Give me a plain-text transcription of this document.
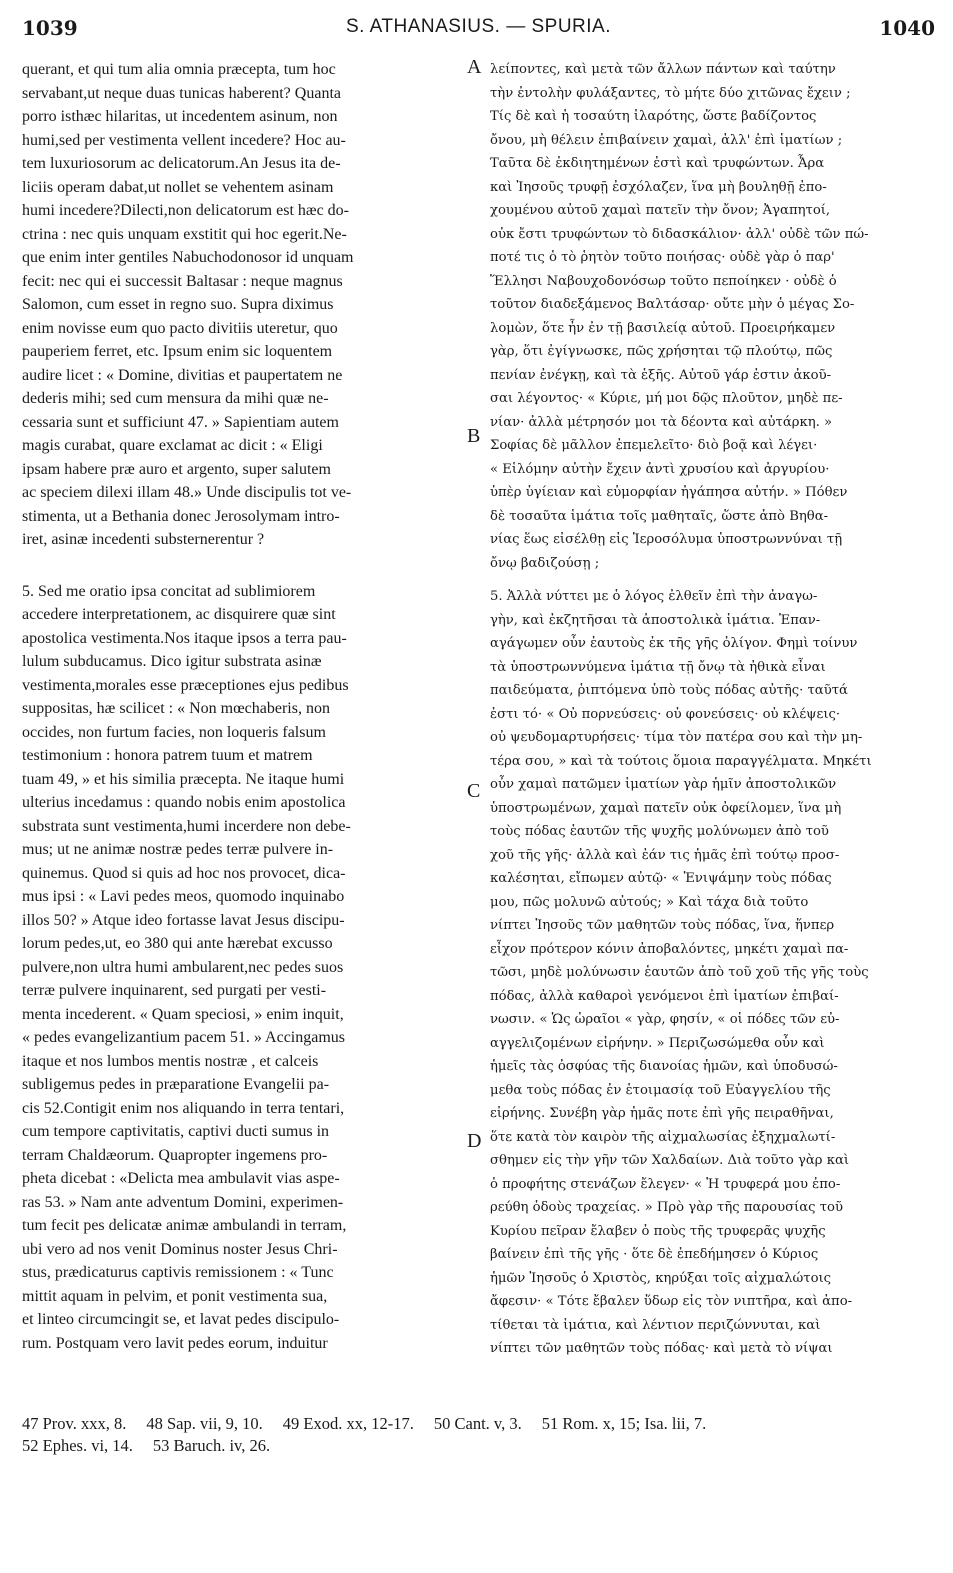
1039	S. ATHANASIUS. — SPURIA.	1040

querant, et qui tum alia omnia præcepta, tum hoc
servabant,ut neque duas tunicas haberent? Quanta
porro isthæc hilaritas, ut incedentem asinum, non
humi,sed per vestimenta vellent incedere? Hoc au-
tem luxuriosorum ac delicatorum.An Jesus ita de-
liciis operam dabat,ut nollet se vehentem asinam
humi incedere?Dilecti,non delicatorum est hæc do-
ctrina : nec quis unquam exstitit qui hoc egerit.Ne-
que enim inter gentiles Nabuchodonosor id unquam
fecit: nec qui ei successit Baltasar : neque magnus
Salomon, cum esset in regno suo. Supra diximus
enim novisse eum quo pacto divitiis uteretur, quo
pauperiem ferret, etc. Ipsum enim sic loquentem
audire licet : « Domine, divitias et paupertatem ne
dederis mihi; sed cum mensura da mihi quæ ne-
cessaria sunt et sufficiunt 47. » Sapientiam autem
magis curabat, quare exclamat ac dicit : « Eligi
ipsam habere præ auro et argento, super salutem
ac speciem dilexi illam 48.» Unde discipulis tot ve-
stimenta, ut a Bethania donec Jerosolymam intro-
iret, asinæ incedenti substernerentur ?

5. Sed me oratio ipsa concitat ad sublimiorem
accedere interpretationem, ac disquirere quæ sint
apostolica vestimenta.Nos itaque ipsos a terra pau-
lulum subducamus. Dico igitur substrata asinæ
vestimenta,morales esse præceptiones ejus pedibus
suppositas, hæ scilicet : « Non mœchaberis, non
occides, non furtum facies, non loqueris falsum
testimonium : honora patrem tuum et matrem
tuam 49, » et his similia præcepta. Ne itaque humi
ulterius incedamus : quando nobis enim apostolica
substrata sunt vestimenta,humi incerdere non debe-
mus; ut ne animæ nostræ pedes terræ pulvere in-
quinemus. Quod si quis ad hoc nos provocet, dica-
mus ipsi : « Lavi pedes meos, quomodo inquinabo
illos 50? » Atque ideo fortasse lavat Jesus discipu-
lorum pedes,ut, eo 380 qui ante hærebat excusso
pulvere,non ultra humi ambularent,nec pedes suos
terræ pulvere inquinarent, sed purgati per vesti-
menta incederent. « Quam speciosi, » enim inquit,
« pedes evangelizantium pacem 51. » Accingamus
itaque et nos lumbos mentis nostræ , et calceis
subligemus pedes in præparatione Evangelii pa-
cis 52.Contigit enim nos aliquando in terra tentari,
cum tempore captivitatis, captivi ducti sumus in
terram Chaldæorum. Quapropter ingemens pro-
pheta dicebat : «Delicta mea ambulavit vias aspe-
ras 53. » Nam ante adventum Domini, experimen-
tum fecit pes delicatæ animæ ambulandi in terram,
ubi vero ad nos venit Dominus noster Jesus Chri-
stus, prædicaturus captivis remissionem : « Tunc
mittit aquam in pelvim, et ponit vestimenta sua,
et linteo circumcingit se, et lavat pedes discipulo-
rum. Postquam vero lavit pedes eorum, induitur

A
B
C
D

λείποντες, καὶ μετὰ τῶν ἄλλων πάντων καὶ ταύτην
τὴν ἐντολὴν φυλάξαντες, τὸ μήτε δύο χιτῶνας ἔχειν ;
Τίς δὲ καὶ ἡ τοσαύτη ἱλαρότης, ὥστε βαδίζοντος
ὄνου, μὴ θέλειν ἐπιβαίνειν χαμαὶ, ἀλλ' ἐπὶ ἱματίων ;
Ταῦτα δὲ ἐκδιητημένων ἐστὶ καὶ τρυφώντων. Ἆρα
καὶ Ἰησοῦς τρυφῇ ἐσχόλαζεν, ἵνα μὴ βουληθῇ ἐπο-
χουμένου αὐτοῦ χαμαὶ πατεῖν τὴν ὄνον; Ἀγαπητοί,
οὐκ ἔστι τρυφώντων τὸ διδασκάλιον· ἀλλ' οὐδὲ τῶν πώ-
ποτέ τις ὁ τὸ ῥητὸν τοῦτο ποιήσας· οὐδὲ γὰρ ὁ παρ'
Ἕλλησι Ναβουχοδονόσωρ τοῦτο πεποίηκεν · οὐδὲ ὁ
τοῦτον διαδεξάμενος Βαλτάσαρ· οὔτε μὴν ὁ μέγας Σο-
λομὼν, ὅτε ἦν ἐν τῇ βασιλείᾳ αὐτοῦ. Προειρήκαμεν
γὰρ, ὅτι ἐγίγνωσκε, πῶς χρήσηται τῷ πλούτῳ, πῶς
πενίαν ἐνέγκῃ, καὶ τὰ ἑξῆς. Αὐτοῦ γάρ ἐστιν ἀκοῦ-
σαι λέγοντος· « Κύριε, μή μοι δῷς πλοῦτον, μηδὲ πε-
νίαν· ἀλλὰ μέτρησόν μοι τὰ δέοντα καὶ αὐτάρκη. »
Σοφίας δὲ μᾶλλον ἐπεμελεῖτο· διὸ βοᾷ καὶ λέγει·
« Εἱλόμην αὐτὴν ἔχειν ἀντὶ χρυσίου καὶ ἀργυρίου·
ὑπὲρ ὑγίειαν καὶ εὐμορφίαν ἠγάπησα αὐτήν. » Πόθεν
δὲ τοσαῦτα ἱμάτια τοῖς μαθηταῖς, ὥστε ἀπὸ Βηθα-
νίας ἕως εἰσέλθῃ εἰς Ἱεροσόλυμα ὑποστρωννύναι τῇ
ὄνῳ βαδιζούσῃ ;

5. Ἀλλὰ νύττει με ὁ λόγος ἐλθεῖν ἐπὶ τὴν ἀναγω-
γὴν, καὶ ἐκζητῆσαι τὰ ἀποστολικὰ ἱμάτια. Ἐπαν-
αγάγωμεν οὖν ἑαυτοὺς ἐκ τῆς γῆς ὀλίγον. Φημὶ τοίνυν
τὰ ὑποστρωννύμενα ἱμάτια τῇ ὄνῳ τὰ ἠθικὰ εἶναι
παιδεύματα, ῥιπτόμενα ὑπὸ τοὺς πόδας αὐτῆς· ταῦτά
ἐστι τό· « Οὐ πορνεύσεις· οὐ φονεύσεις· οὐ κλέψεις·
οὐ ψευδομαρτυρήσεις· τίμα τὸν πατέρα σου καὶ τὴν μη-
τέρα σου, » καὶ τὰ τούτοις ὅμοια παραγγέλματα. Μηκέτι
οὖν χαμαὶ πατῶμεν ἱματίων γὰρ ἡμῖν ἀποστολικῶν
ὑποστρωμένων, χαμαὶ πατεῖν οὐκ ὀφείλομεν, ἵνα μὴ
τοὺς πόδας ἑαυτῶν τῆς ψυχῆς μολύνωμεν ἀπὸ τοῦ
χοῦ τῆς γῆς· ἀλλὰ καὶ ἐάν τις ἡμᾶς ἐπὶ τούτῳ προσ-
καλέσηται, εἴπωμεν αὐτῷ· « Ἐνιψάμην τοὺς πόδας
μου, πῶς μολυνῶ αὐτούς; » Καὶ τάχα διὰ τοῦτο
νίπτει Ἰησοῦς τῶν μαθητῶν τοὺς πόδας, ἵνα, ἥνπερ
εἶχον πρότερον κόνιν ἀποβαλόντες, μηκέτι χαμαὶ πα-
τῶσι, μηδὲ μολύνωσιν ἑαυτῶν ἀπὸ τοῦ χοῦ τῆς γῆς τοὺς
πόδας, ἀλλὰ καθαροὶ γενόμενοι ἐπὶ ἱματίων ἐπιβαί-
νωσιν. « Ὡς ὡραῖοι « γὰρ, φησίν, « οἱ πόδες τῶν εὐ-
αγγελιζομένων εἰρήνην. » Περιζωσώμεθα οὖν καὶ
ἡμεῖς τὰς ὀσφύας τῆς διανοίας ἡμῶν, καὶ ὑποδυσώ-
μεθα τοὺς πόδας ἐν ἑτοιμασίᾳ τοῦ Εὐαγγελίου τῆς
εἰρήνης. Συνέβη γὰρ ἡμᾶς ποτε ἐπὶ γῆς πειραθῆναι,
ὅτε κατὰ τὸν καιρὸν τῆς αἰχμαλωσίας ἐξηχμαλωτί-
σθημεν εἰς τὴν γῆν τῶν Χαλδαίων. Διὰ τοῦτο γὰρ καὶ
ὁ προφήτης στενάζων ἔλεγεν· « Ἡ τρυφερά μου ἐπο-
ρεύθη ὁδοὺς τραχείας. » Πρὸ γὰρ τῆς παρουσίας τοῦ
Κυρίου πεῖραν ἔλαβεν ὁ ποὺς τῆς τρυφερᾶς ψυχῆς
βαίνειν ἐπὶ τῆς γῆς · ὅτε δὲ ἐπεδήμησεν ὁ Κύριος
ἡμῶν Ἰησοῦς ὁ Χριστὸς, κηρύξαι τοῖς αἰχμαλώτοις
ἄφεσιν· « Τότε ἔβαλεν ὕδωρ εἰς τὸν νιπτῆρα, καὶ ἀπο-
τίθεται τὰ ἱμάτια, καὶ λέντιον περιζώννυται, καὶ
νίπτει τῶν μαθητῶν τοὺς πόδας· καὶ μετὰ τὸ νίψαι

47 Prov. xxx, 8. 48 Sap. vii, 9, 10. 49 Exod. xx, 12-17. 50 Cant. v, 3. 51 Rom. x, 15; Isa. lii, 7.
52 Ephes. vi, 14. 53 Baruch. iv, 26.
